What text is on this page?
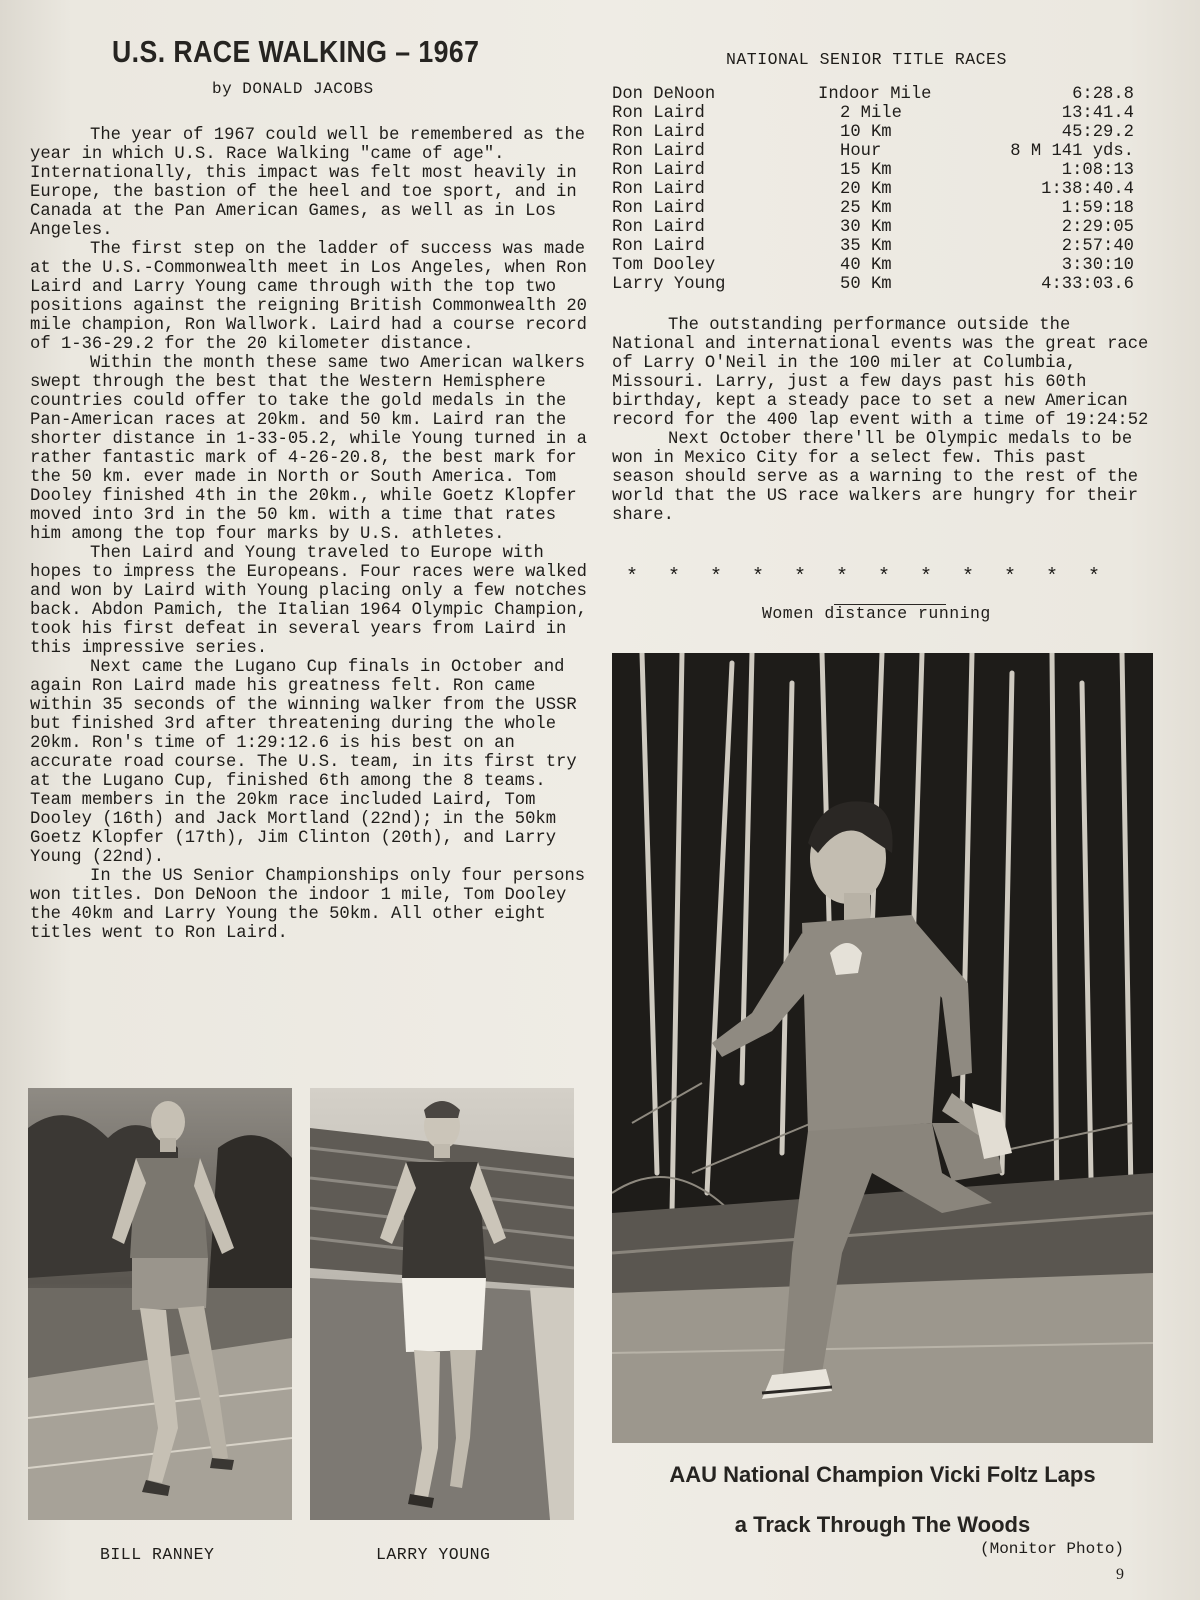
U.S. RACE WALKING – 1967
by DONALD JACOBS

The year of 1967 could well be remembered as the year in which U.S. Race Walking "came of age". Internationally, this impact was felt most heavily in Europe, the bastion of the heel and toe sport, and in Canada at the Pan American Games, as well as in Los Angeles.

The first step on the ladder of success was made at the U.S.-Commonwealth meet in Los Angeles, when Ron Laird and Larry Young came through with the top two positions against the reigning British Commonwealth 20 mile champion, Ron Wallwork. Laird had a course record of 1-36-29.2 for the 20 kilometer distance.

Within the month these same two American walkers swept through the best that the Western Hemisphere countries could offer to take the gold medals in the Pan-American races at 20km. and 50 km. Laird ran the shorter distance in 1-33-05.2, while Young turned in a rather fantastic mark of 4-26-20.8, the best mark for the 50 km. ever made in North or South America. Tom Dooley finished 4th in the 20km., while Goetz Klopfer moved into 3rd in the 50 km. with a time that rates him among the top four marks by U.S. athletes.

Then Laird and Young traveled to Europe with hopes to impress the Europeans. Four races were walked and won by Laird with Young placing only a few notches back. Abdon Pamich, the Italian 1964 Olympic Champion, took his first defeat in several years from Laird in this impressive series.

Next came the Lugano Cup finals in October and again Ron Laird made his greatness felt. Ron came within 35 seconds of the winning walker from the USSR but finished 3rd after threatening during the whole 20km. Ron's time of 1:29:12.6 is his best on an accurate road course. The U.S. team, in its first try at the Lugano Cup, finished 6th among the 8 teams. Team members in the 20km race included Laird, Tom Dooley (16th) and Jack Mortland (22nd); in the 50km Goetz Klopfer (17th), Jim Clinton (20th), and Larry Young (22nd).

In the US Senior Championships only four persons won titles. Don DeNoon the indoor 1 mile, Tom Dooley the 40km and Larry Young the 50km. All other eight titles went to Ron Laird.

NATIONAL SENIOR TITLE RACES
Don DeNoon	Indoor Mile	6:28.8
Ron Laird	2 Mile	13:41.4
Ron Laird	10 Km	45:29.2
Ron Laird	Hour	8 M 141 yds.
Ron Laird	15 Km	1:08:13
Ron Laird	20 Km	1:38:40.4
Ron Laird	25 Km	1:59:18
Ron Laird	30 Km	2:29:05
Ron Laird	35 Km	2:57:40
Tom Dooley	40 Km	3:30:10
Larry Young	50 Km	4:33:03.6

The outstanding performance outside the National and international events was the great race of Larry O'Neil in the 100 miler at Columbia, Missouri. Larry, just a few days past his 60th birthday, kept a steady pace to set a new American record for the 400 lap event with a time of 19:24:52

Next October there'll be Olympic medals to be won in Mexico City for a select few. This past season should serve as a warning to the rest of the world that the US race walkers are hungry for their share.

* * * * * * * * * * * *
Women distance running
BILL RANNEY	LARRY YOUNG
AAU National Champion Vicki Foltz Laps
a Track Through The Woods
(Monitor Photo)
9
